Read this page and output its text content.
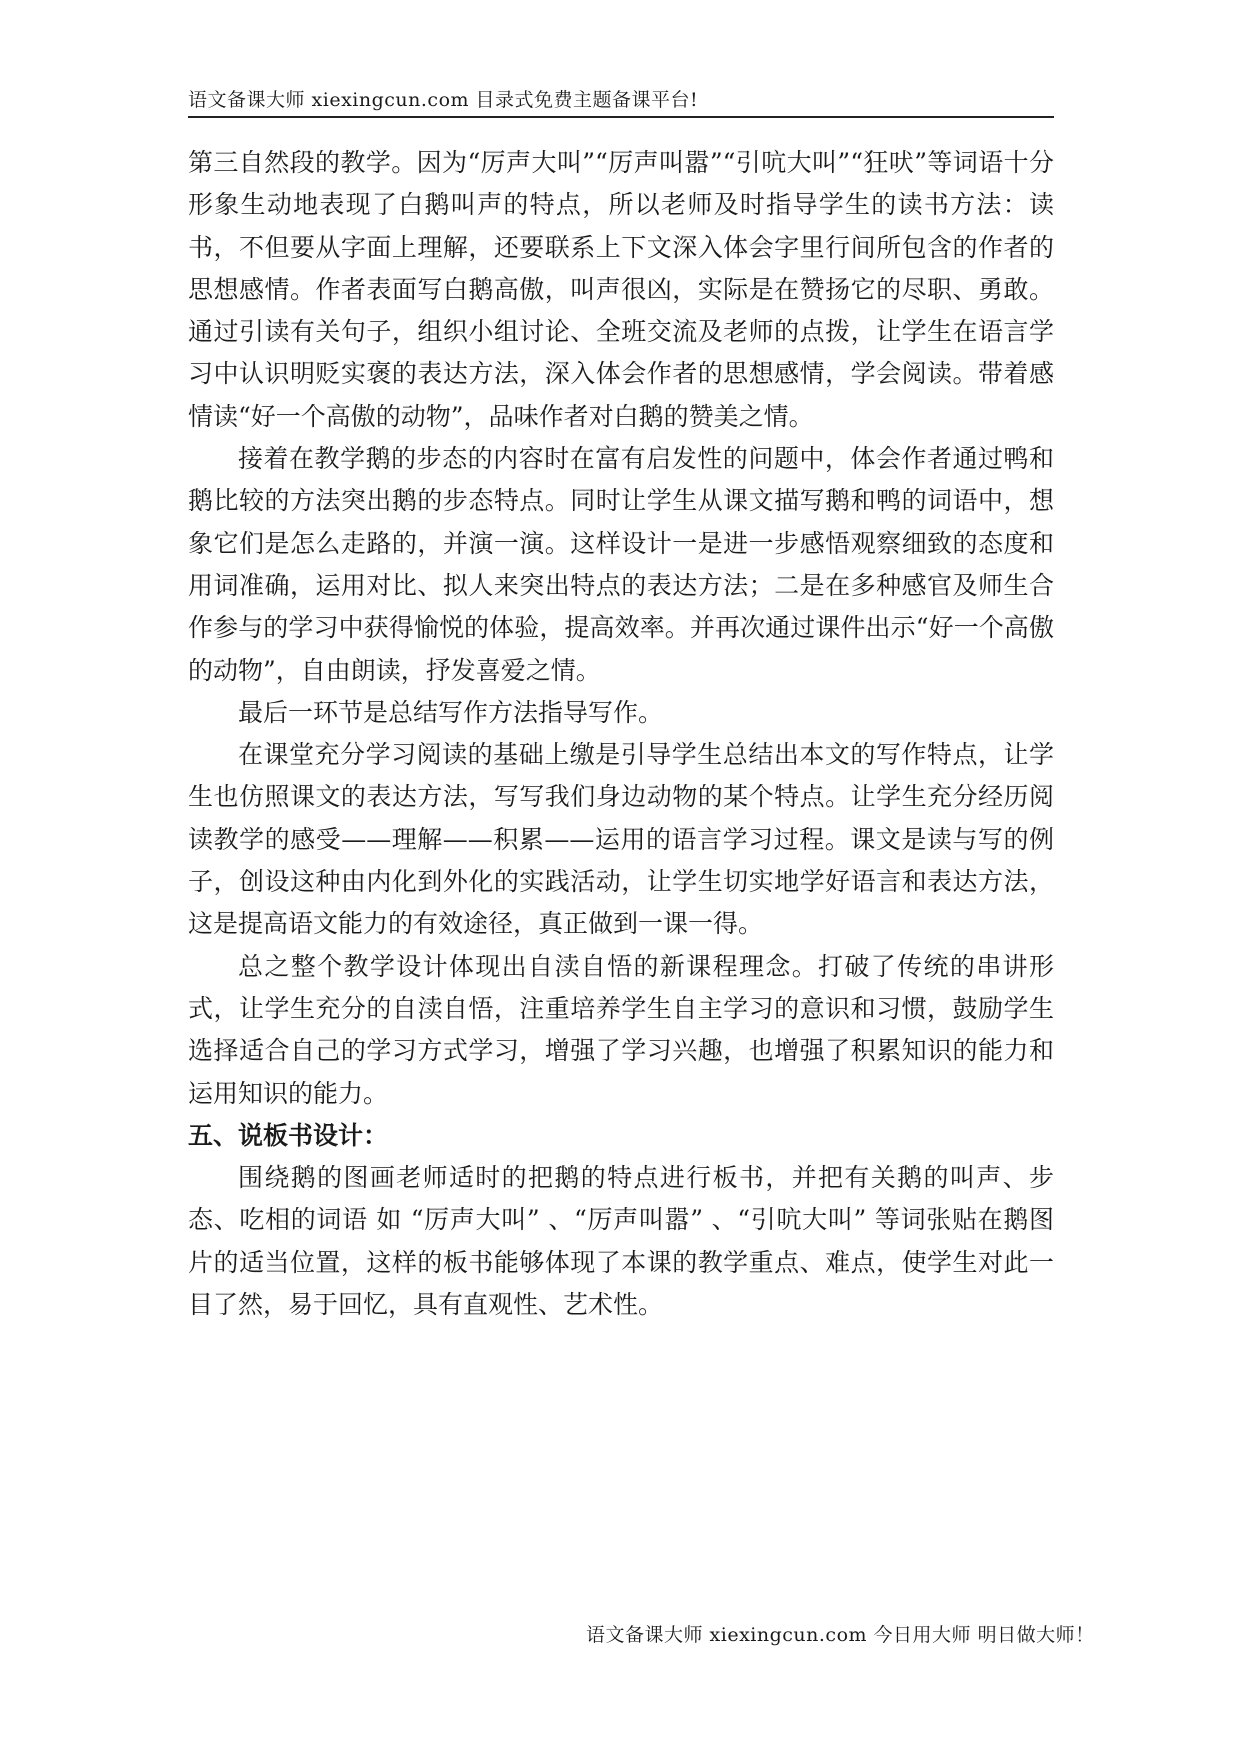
语文备课大师 xiexingcun.com 目录式免费主题备课平台!

第三自然段的教学。因为“厉声大叫”“厉声叫嚣”“引吭大叫”“狂吠”等词语十分形象生动地表现了白鹅叫声的特点，所以老师及时指导学生的读书方法：读书，不但要从字面上理解，还要联系上下文深入体会字里行间所包含的作者的思想感情。作者表面写白鹅高傲，叫声很凶，实际是在赞扬它的尽职、勇敢。通过引读有关句子，组织小组讨论、全班交流及老师的点拨，让学生在语言学习中认识明贬实褒的表达方法，深入体会作者的思想感情，学会阅读。带着感情读“好一个高傲的动物”，品味作者对白鹅的赞美之情。

接着在教学鹅的步态的内容时在富有启发性的问题中，体会作者通过鸭和鹅比较的方法突出鹅的步态特点。同时让学生从课文描写鹅和鸭的词语中，想象它们是怎么走路的，并演一演。这样设计一是进一步感悟观察细致的态度和用词准确，运用对比、拟人来突出特点的表达方法；二是在多种感官及师生合作参与的学习中获得愉悦的体验，提高效率。并再次通过课件出示“好一个高傲的动物”，自由朗读，抒发喜爱之情。

最后一环节是总结写作方法指导写作。

在课堂充分学习阅读的基础上缴是引导学生总结出本文的写作特点，让学生也仿照课文的表达方法，写写我们身边动物的某个特点。让学生充分经历阅读教学的感受——理解——积累——运用的语言学习过程。课文是读与写的例子，创设这种由内化到外化的实践活动，让学生切实地学好语言和表达方法，这是提高语文能力的有效途径，真正做到一课一得。

总之整个教学设计体现出自渎自悟的新课程理念。打破了传统的串讲形式，让学生充分的自渎自悟，注重培养学生自主学习的意识和习惯，鼓励学生选择适合自己的学习方式学习，增强了学习兴趣，也增强了积累知识的能力和运用知识的能力。

五、说板书设计：

围绕鹅的图画老师适时的把鹅的特点进行板书，并把有关鹅的叫声、步态、吃相的词语 如 “厉声大叫” 、“厉声叫嚣” 、“引吭大叫” 等词张贴在鹅图片的适当位置，这样的板书能够体现了本课的教学重点、难点，使学生对此一目了然，易于回忆，具有直观性、艺术性。

语文备课大师 xiexingcun.com 今日用大师 明日做大师！
